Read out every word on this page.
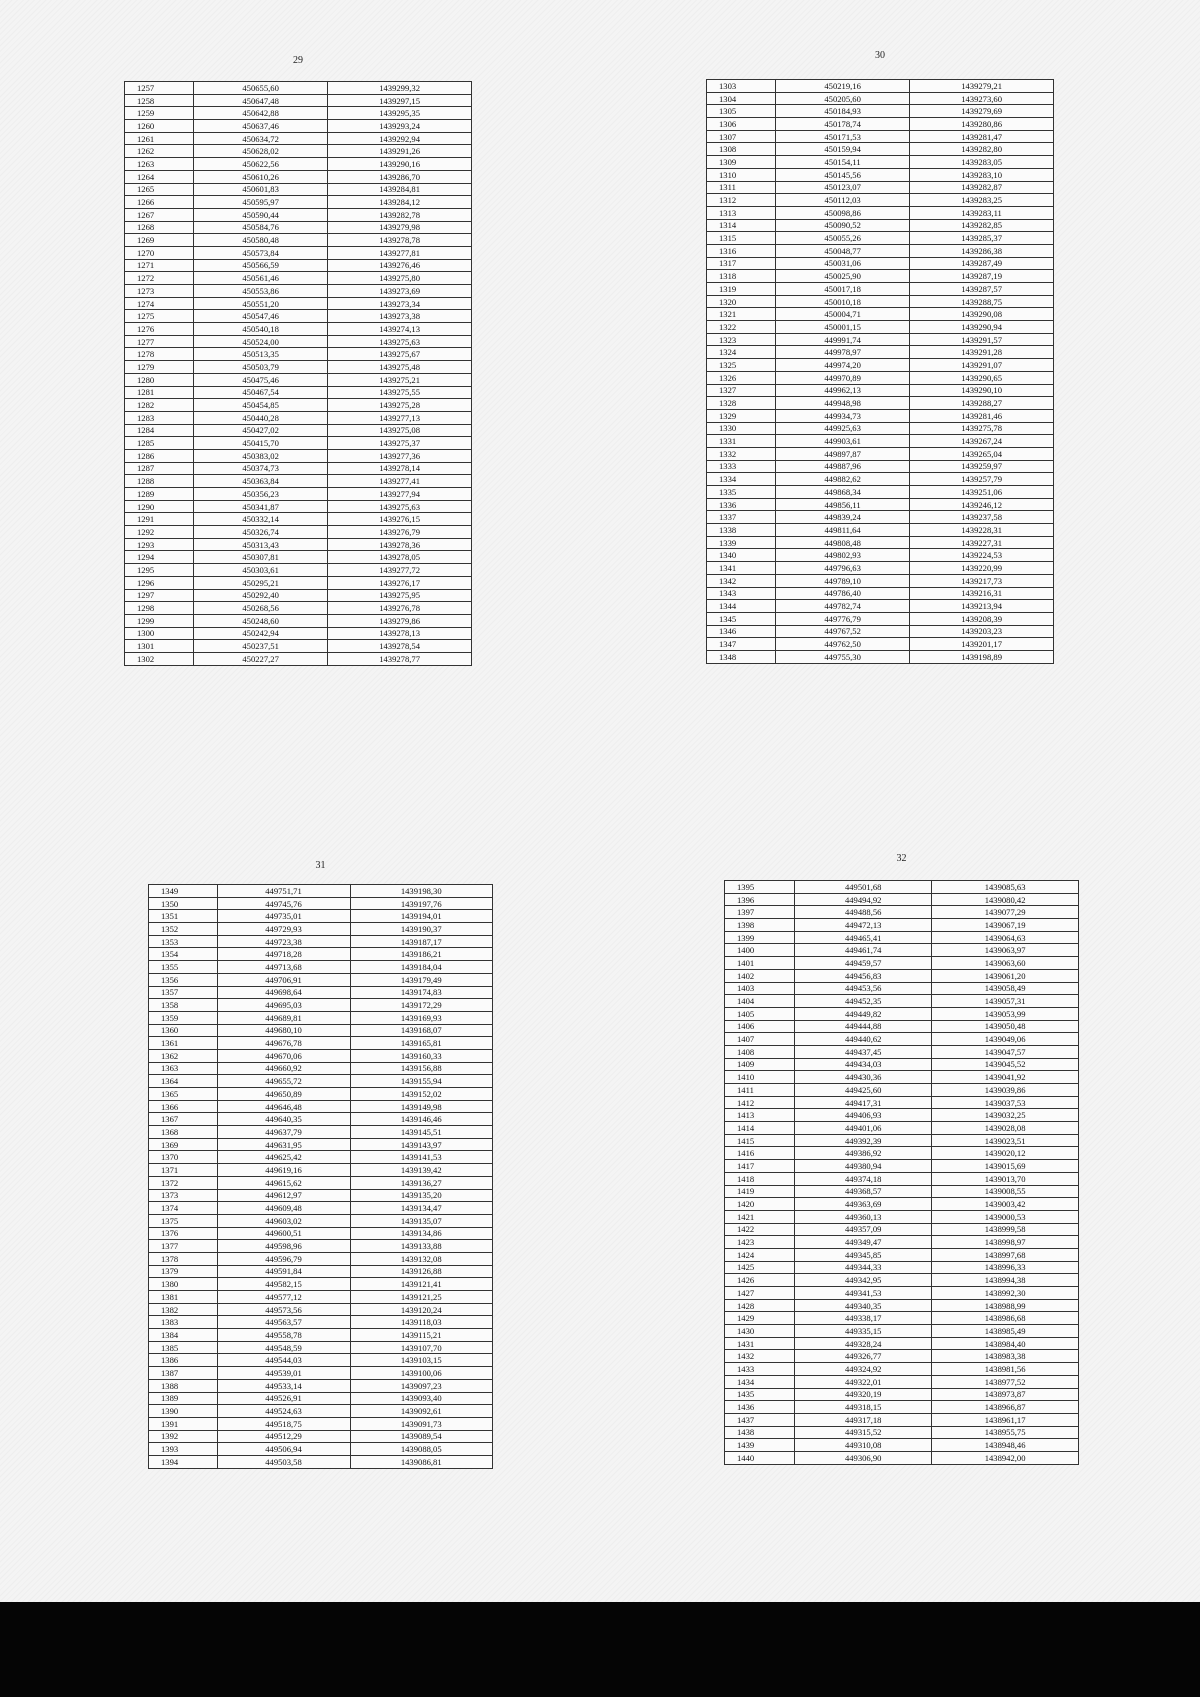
29
1257	450655,60	1439299,32
1258	450647,48	1439297,15
1259	450642,88	1439295,35
1260	450637,46	1439293,24
1261	450634,72	1439292,94
1262	450628,02	1439291,26
1263	450622,56	1439290,16
1264	450610,26	1439286,70
1265	450601,83	1439284,81
1266	450595,97	1439284,12
1267	450590,44	1439282,78
1268	450584,76	1439279,98
1269	450580,48	1439278,78
1270	450573,84	1439277,81
1271	450566,59	1439276,46
1272	450561,46	1439275,80
1273	450553,86	1439273,69
1274	450551,20	1439273,34
1275	450547,46	1439273,38
1276	450540,18	1439274,13
1277	450524,00	1439275,63
1278	450513,35	1439275,67
1279	450503,79	1439275,48
1280	450475,46	1439275,21
1281	450467,54	1439275,55
1282	450454,85	1439275,28
1283	450440,28	1439277,13
1284	450427,02	1439275,08
1285	450415,70	1439275,37
1286	450383,02	1439277,36
1287	450374,73	1439278,14
1288	450363,84	1439277,41
1289	450356,23	1439277,94
1290	450341,87	1439275,63
1291	450332,14	1439276,15
1292	450326,74	1439276,79
1293	450313,43	1439278,36
1294	450307,81	1439278,05
1295	450303,61	1439277,72
1296	450295,21	1439276,17
1297	450292,40	1439275,95
1298	450268,56	1439276,78
1299	450248,60	1439279,86
1300	450242,94	1439278,13
1301	450237,51	1439278,54
1302	450227,27	1439278,77
30
1303	450219,16	1439279,21
1304	450205,60	1439273,60
1305	450184,93	1439279,69
1306	450178,74	1439280,86
1307	450171,53	1439281,47
1308	450159,94	1439282,80
1309	450154,11	1439283,05
1310	450145,56	1439283,10
1311	450123,07	1439282,87
1312	450112,03	1439283,25
1313	450098,86	1439283,11
1314	450090,52	1439282,85
1315	450055,26	1439285,37
1316	450048,77	1439286,38
1317	450031,06	1439287,49
1318	450025,90	1439287,19
1319	450017,18	1439287,57
1320	450010,18	1439288,75
1321	450004,71	1439290,08
1322	450001,15	1439290,94
1323	449991,74	1439291,57
1324	449978,97	1439291,28
1325	449974,20	1439291,07
1326	449970,89	1439290,65
1327	449962,13	1439290,10
1328	449948,98	1439288,27
1329	449934,73	1439281,46
1330	449925,63	1439275,78
1331	449903,61	1439267,24
1332	449897,87	1439265,04
1333	449887,96	1439259,97
1334	449882,62	1439257,79
1335	449868,34	1439251,06
1336	449856,11	1439246,12
1337	449839,24	1439237,58
1338	449811,64	1439228,31
1339	449808,48	1439227,31
1340	449802,93	1439224,53
1341	449796,63	1439220,99
1342	449789,10	1439217,73
1343	449786,40	1439216,31
1344	449782,74	1439213,94
1345	449776,79	1439208,39
1346	449767,52	1439203,23
1347	449762,50	1439201,17
1348	449755,30	1439198,89
31
1349	449751,71	1439198,30
1350	449745,76	1439197,76
1351	449735,01	1439194,01
1352	449729,93	1439190,37
1353	449723,38	1439187,17
1354	449718,28	1439186,21
1355	449713,68	1439184,04
1356	449706,91	1439179,49
1357	449698,64	1439174,83
1358	449695,03	1439172,29
1359	449689,81	1439169,93
1360	449680,10	1439168,07
1361	449676,78	1439165,81
1362	449670,06	1439160,33
1363	449660,92	1439156,88
1364	449655,72	1439155,94
1365	449650,89	1439152,02
1366	449646,48	1439149,98
1367	449640,35	1439146,46
1368	449637,79	1439145,51
1369	449631,95	1439143,97
1370	449625,42	1439141,53
1371	449619,16	1439139,42
1372	449615,62	1439136,27
1373	449612,97	1439135,20
1374	449609,48	1439134,47
1375	449603,02	1439135,07
1376	449600,51	1439134,86
1377	449598,96	1439133,88
1378	449596,79	1439132,08
1379	449591,84	1439126,88
1380	449582,15	1439121,41
1381	449577,12	1439121,25
1382	449573,56	1439120,24
1383	449563,57	1439118,03
1384	449558,78	1439115,21
1385	449548,59	1439107,70
1386	449544,03	1439103,15
1387	449539,01	1439100,06
1388	449533,14	1439097,23
1389	449526,91	1439093,40
1390	449524,63	1439092,61
1391	449518,75	1439091,73
1392	449512,29	1439089,54
1393	449506,94	1439088,05
1394	449503,58	1439086,81
32
1395	449501,68	1439085,63
1396	449494,92	1439080,42
1397	449488,56	1439077,29
1398	449472,13	1439067,19
1399	449465,41	1439064,63
1400	449461,74	1439063,97
1401	449459,57	1439063,60
1402	449456,83	1439061,20
1403	449453,56	1439058,49
1404	449452,35	1439057,31
1405	449449,82	1439053,99
1406	449444,88	1439050,48
1407	449440,62	1439049,06
1408	449437,45	1439047,57
1409	449434,03	1439045,52
1410	449430,36	1439041,92
1411	449425,60	1439039,86
1412	449417,31	1439037,53
1413	449406,93	1439032,25
1414	449401,06	1439028,08
1415	449392,39	1439023,51
1416	449386,92	1439020,12
1417	449380,94	1439015,69
1418	449374,18	1439013,70
1419	449368,57	1439008,55
1420	449363,69	1439003,42
1421	449360,13	1439000,53
1422	449357,09	1438999,58
1423	449349,47	1438998,97
1424	449345,85	1438997,68
1425	449344,33	1438996,33
1426	449342,95	1438994,38
1427	449341,53	1438992,30
1428	449340,35	1438988,99
1429	449338,17	1438986,68
1430	449335,15	1438985,49
1431	449328,24	1438984,40
1432	449326,77	1438983,38
1433	449324,92	1438981,56
1434	449322,01	1438977,52
1435	449320,19	1438973,87
1436	449318,15	1438966,87
1437	449317,18	1438961,17
1438	449315,52	1438955,75
1439	449310,08	1438948,46
1440	449306,90	1438942,00
